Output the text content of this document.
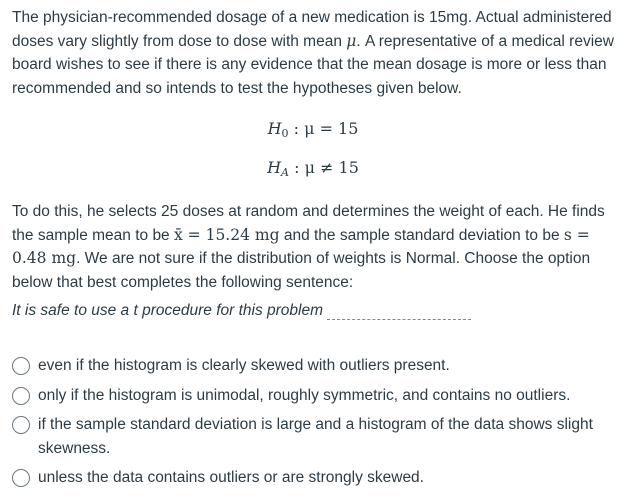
The physician-recommended dosage of a new medication is 15mg. Actual administered doses vary slightly from dose to dose with mean μ. A representative of a medical review board wishes to see if there is any evidence that the mean dosage is more or less than recommended and so intends to test the hypotheses given below.

$H_0$ : μ = 15

$H_A$ : μ ≠ 15

To do this, he selects 25 doses at random and determines the weight of each. He finds the sample mean to be x̄ = 15.24 mg and the sample standard deviation to be s = 0.48 mg. We are not sure if the distribution of weights is Normal. Choose the option below that best completes the following sentence:

It is safe to use a t procedure for this problem
even if the histogram is clearly skewed with outliers present.
only if the histogram is unimodal, roughly symmetric, and contains no outliers.
if the sample standard deviation is large and a histogram of the data shows slight skewness.
unless the data contains outliers or are strongly skewed.
